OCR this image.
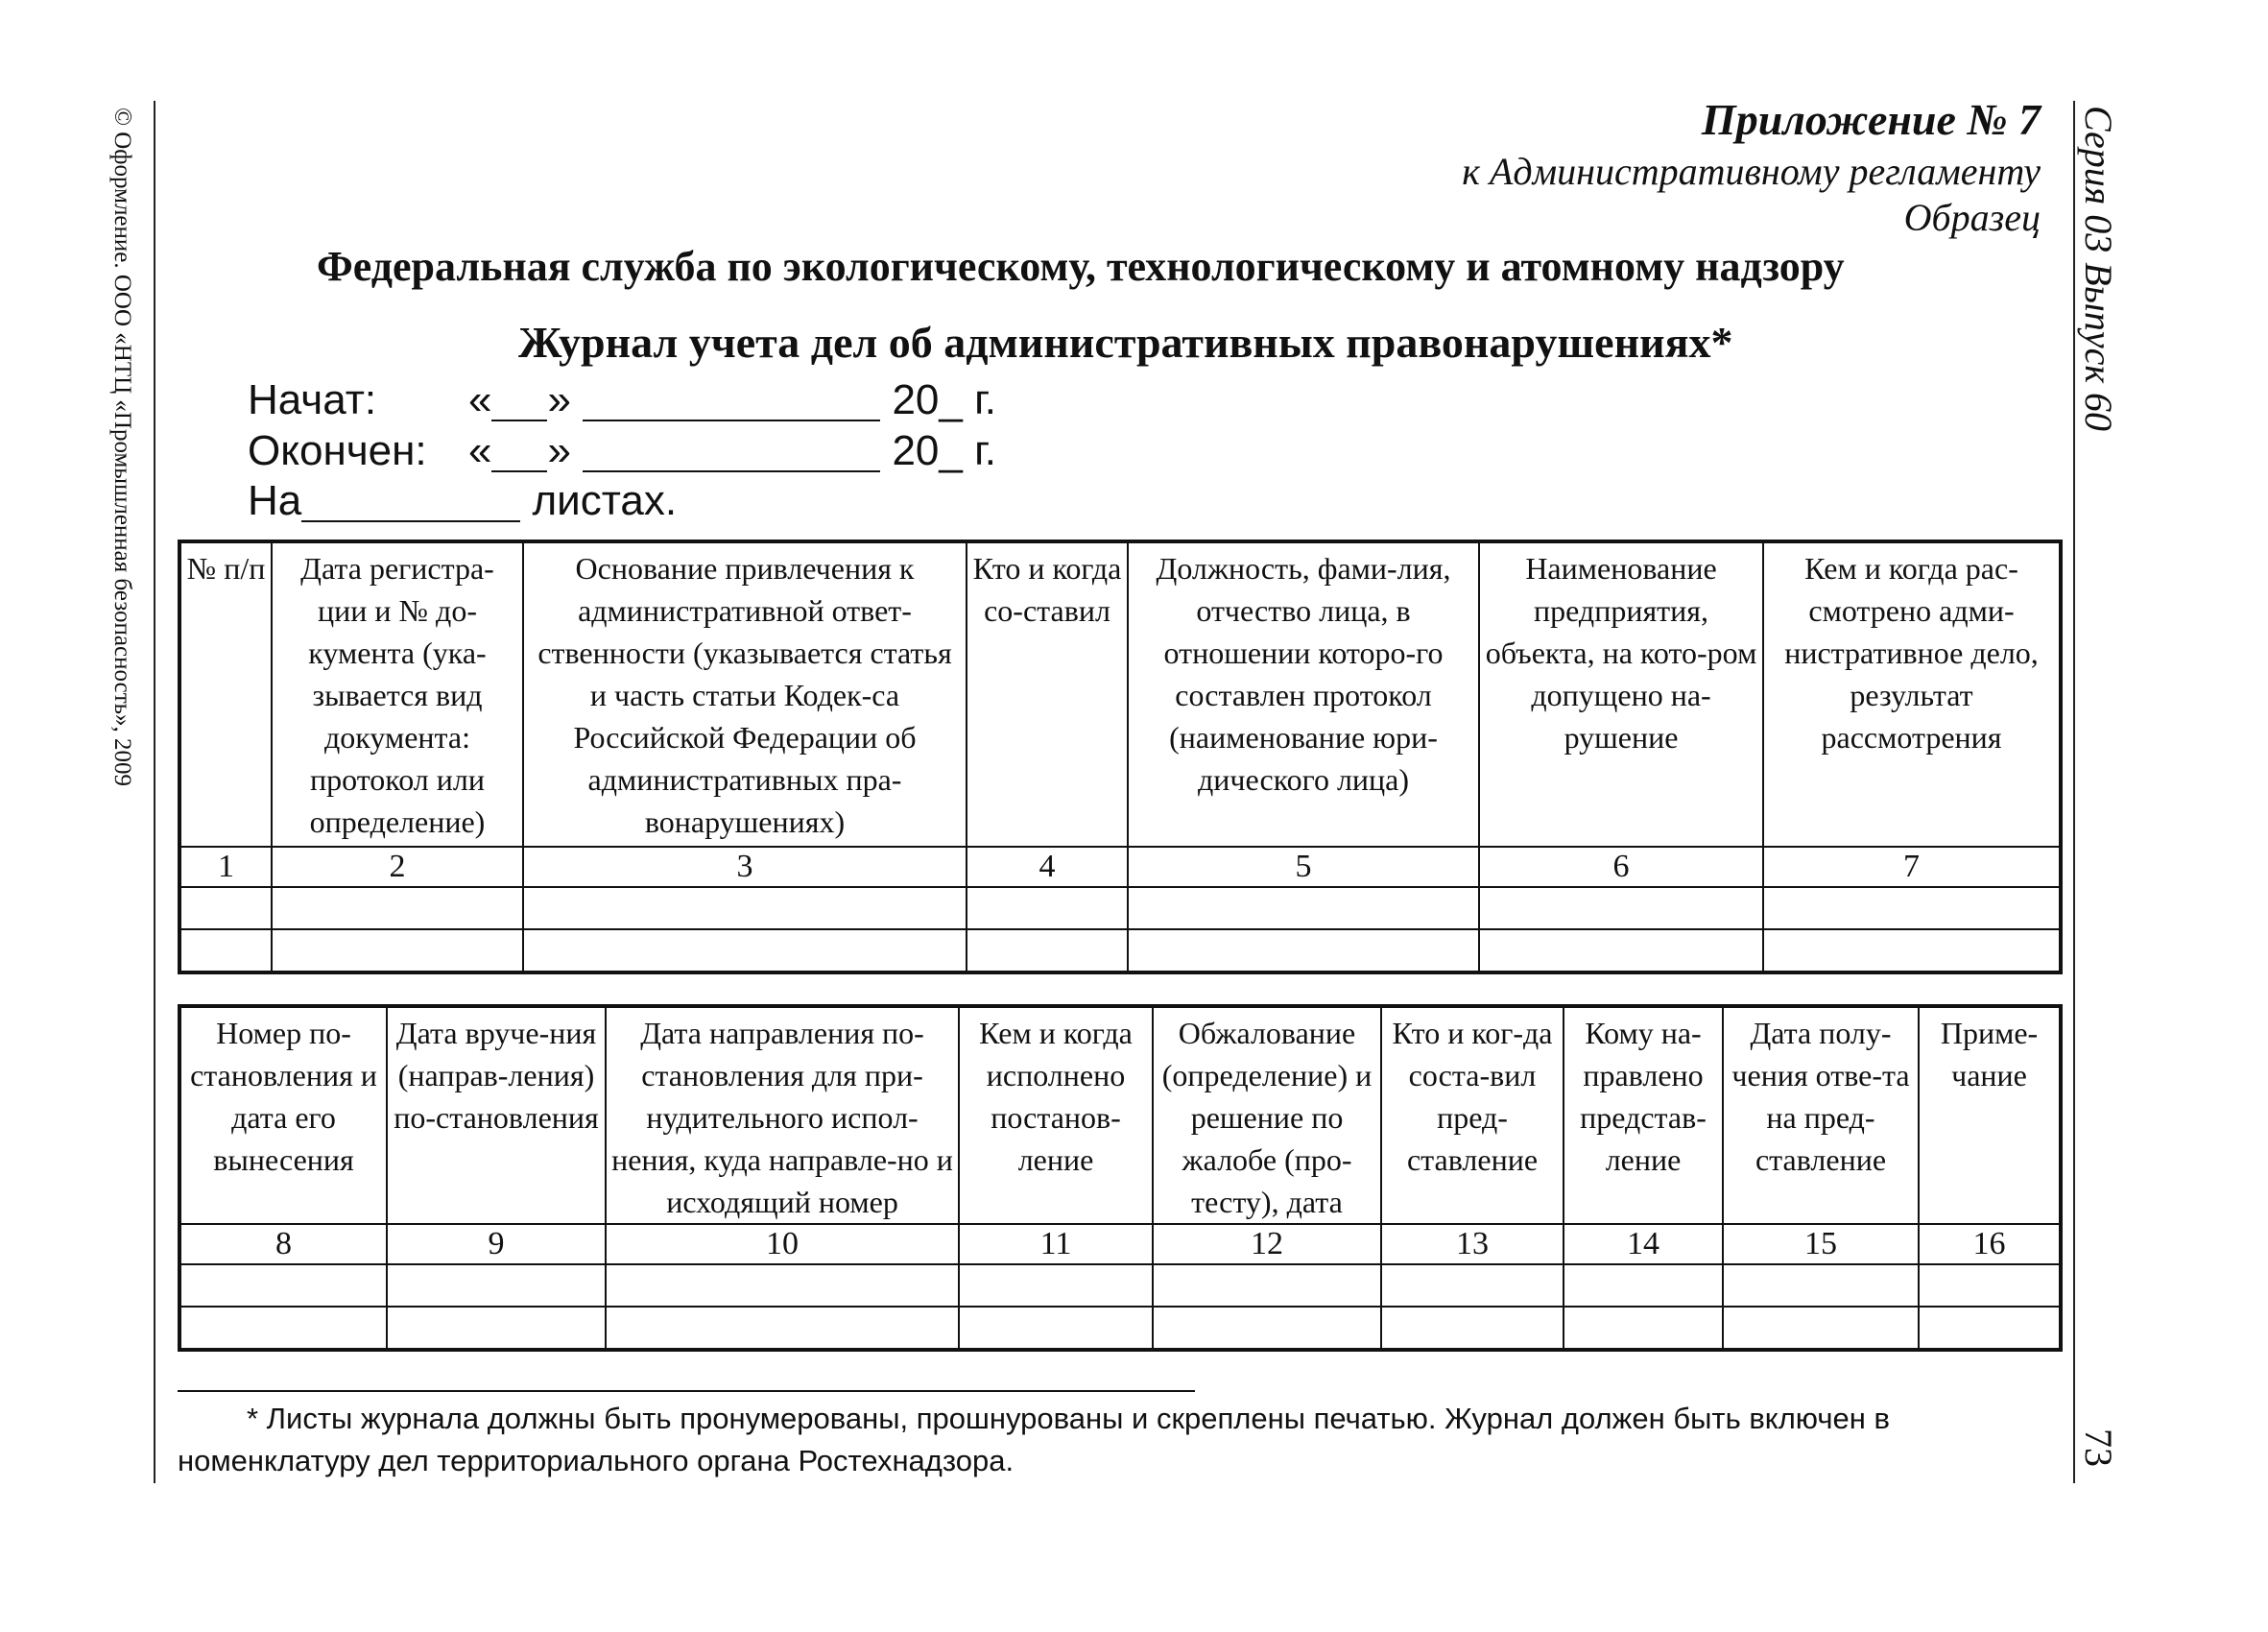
© Оформление. ООО «НТЦ «Промышленная безопасность», 2009	Серия 03 Выпуск 60
73
Приложение № 7
к Административному регламенту
Образец
Федеральная служба по экологическому, технологическому и атомному надзору
Журнал учета дел об административных правонарушениях*
Начат: « »	20_ г.
Окончен: « »	20_ г.
На	листах.
№ п/п	Дата регистра-ции и № до-кумента (ука-зывается вид документа: протокол или определение)	Основание привлечения к административной ответ-ственности (указывается статья и часть статьи Кодек-са Российской Федерации об административных пра-вонарушениях)	Кто и когда со-ставил	Должность, фами-лия, отчество лица, в отношении которо-го составлен протокол (наименование юри-дического лица)	Наименование предприятия, объекта, на кото-ром допущено на-рушение	Кем и когда рас-смотрено адми-нистративное дело, результат рассмотрения
1	2	3	4	5	6	7

Номер по-становления и дата его вынесения	Дата вруче-ния (направ-ления) по-становления	Дата направления по-становления для при-нудительного испол-нения, куда направле-но и исходящий номер	Кем и когда исполнено постанов-ление	Обжалование (определение) и решение по жалобе (про-тесту), дата	Кто и ког-да соста-вил пред-ставление	Кому на-правлено представ-ление	Дата полу-чения отве-та на пред-ставление	Приме-чание
8	9	10	11	12	13	14	15	16

* Листы журнала должны быть пронумерованы, прошнурованы и скреплены печатью. Журнал должен быть включен в номенклатуру дел территориального органа Ростехнадзора.
